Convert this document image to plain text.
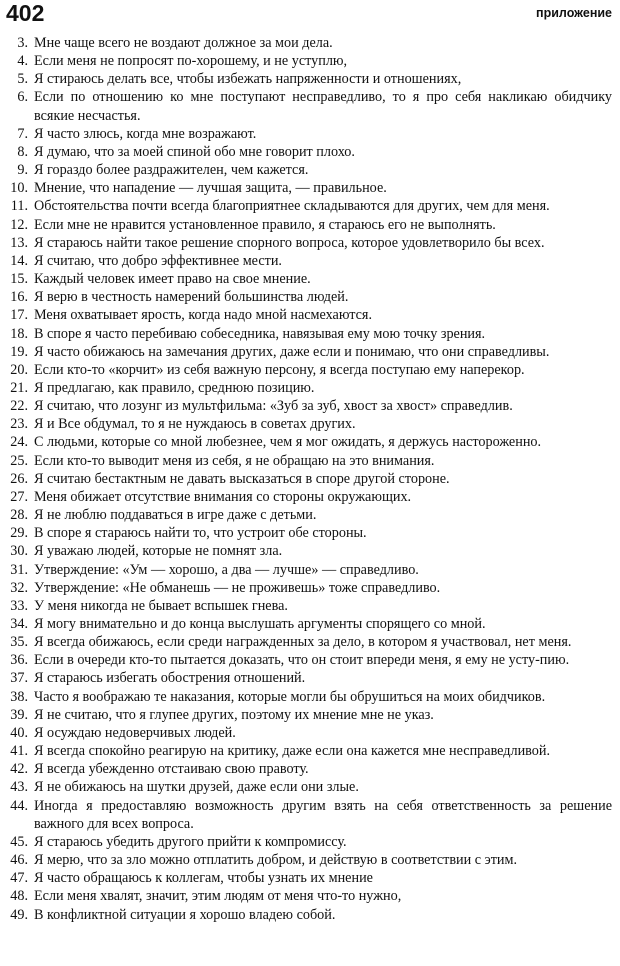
402	приложение
3. Мне чаще всего не воздают должное за мои дела.
4. Если меня не попросят по-хорошему, и не уступлю,
5. Я стираюсь делать все, чтобы избежать напряженности и отношениях,
6. Если по отношению ко мне поступают несправедливо, то я про себя накликаю обидчику всякие несчастья.
7. Я часто злюсь, когда мне возражают.
8. Я думаю, что за моей спиной обо мне говорит плохо.
9. Я гораздо более раздражителен, чем кажется.
10. Мнение, что нападение — лучшая защита, — правильное.
11. Обстоятельства почти всегда благоприятнее складываются для других, чем для меня.
12. Если мне не нравится установленное правило, я стараюсь его не выполнять.
13. Я стараюсь найти такое решение спорного вопроса, которое удовлетворило бы всех.
14. Я считаю, что добро эффективнее мести.
15. Каждый человек имеет право на свое мнение.
16. Я верю в честность намерений большинства людей.
17. Меня охватывает ярость, когда надо мной насмехаются.
18. В споре я часто перебиваю собеседника, навязывая ему мою точку зрения.
19. Я часто обижаюсь на замечания других, даже если и понимаю, что они справедливы.
20. Если кто-то «корчит» из себя важную персону, я всегда поступаю ему наперекор.
21. Я предлагаю, как правило, среднюю позицию.
22. Я считаю, что лозунг из мультфильма: «Зуб за зуб, хвост за хвост» справедлив.
23. Я и Все обдумал, то я не нуждаюсь в советах других.
24. С людьми, которые со мной любезнее, чем я мог ожидать, я держусь настороженно.
25. Если кто-то выводит меня из себя, я не обращаю на это внимания.
26. Я считаю бестактным не давать высказаться в споре другой стороне.
27. Меня обижает отсутствие внимания со стороны окружающих.
28. Я не люблю поддаваться в игре даже с детьми.
29. В споре я стараюсь найти то, что устроит обе стороны.
30. Я уважаю людей, которые не помнят зла.
31. Утверждение: «Ум — хорошо, а два — лучше» — справедливо.
32. Утверждение: «Не обманешь — не проживешь» тоже справедливо.
33. У меня никогда не бывает вспышек гнева.
34. Я могу внимательно и до конца выслушать аргументы спорящего со мной.
35. Я всегда обижаюсь, если среди награжденных за дело, в котором я участвовал, нет меня.
36. Если в очереди кто-то пытается доказать, что он стоит впереди меня, я ему не усту-пию.
37. Я стараюсь избегать обострения отношений.
38. Часто я воображаю те наказания, которые могли бы обрушиться на моих обидчиков.
39. Я не считаю, что я глупее других, поэтому их мнение мне не указ.
40. Я осуждаю недоверчивых людей.
41. Я всегда спокойно реагирую на критику, даже если она кажется мне несправедливой.
42. Я всегда убежденно отстаиваю свою правоту.
43. Я не обижаюсь на шутки друзей, даже если они злые.
44. Иногда я предоставляю возможность другим взять на себя ответственность за решение важного для всех вопроса.
45. Я стараюсь убедить другого прийти к компромиссу.
46. Я мерю, что за зло можно отплатить добром, и действую в соответствии с этим.
47. Я часто обращаюсь к коллегам, чтобы узнать их мнение
48. Если меня хвалят, значит, этим людям от меня что-то нужно,
49. В конфликтной ситуации я хорошо владею собой.
